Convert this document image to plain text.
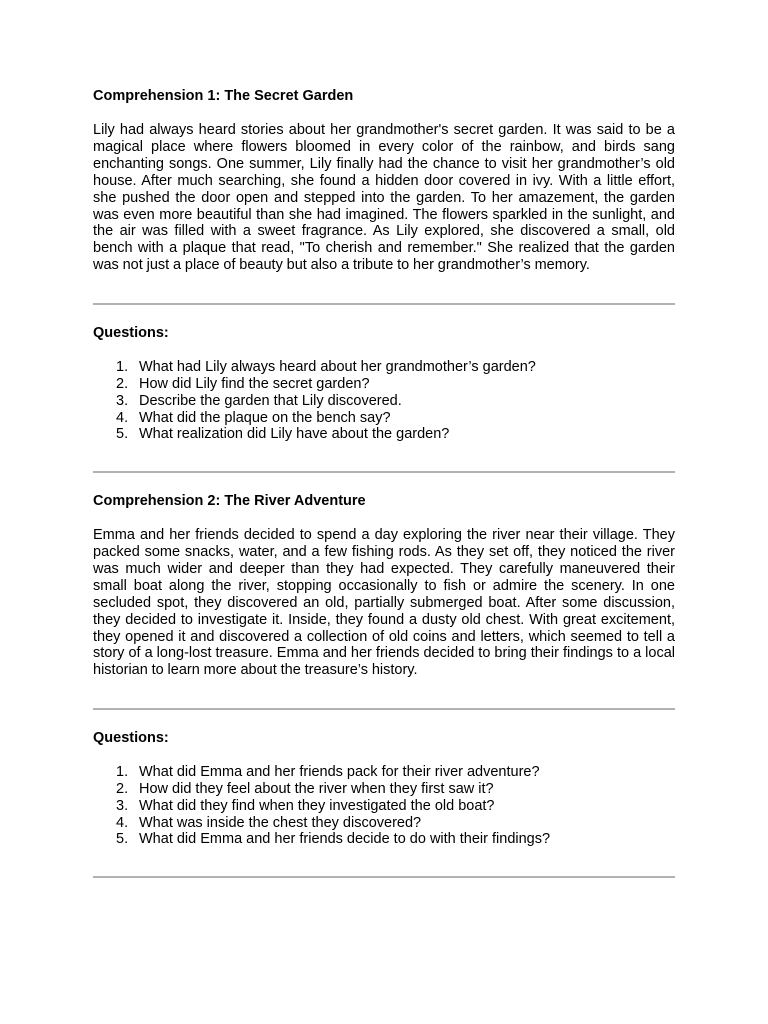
Comprehension 1: The Secret Garden

Lily had always heard stories about her grandmother's secret garden. It was said to be a magical place where flowers bloomed in every color of the rainbow, and birds sang enchanting songs. One summer, Lily finally had the chance to visit her grandmother’s old house. After much searching, she found a hidden door covered in ivy. With a little effort, she pushed the door open and stepped into the garden. To her amazement, the garden was even more beautiful than she had imagined. The flowers sparkled in the sunlight, and the air was filled with a sweet fragrance. As Lily explored, she discovered a small, old bench with a plaque that read, "To cherish and remember." She realized that the garden was not just a place of beauty but also a tribute to her grandmother’s memory.

Questions:

1. What had Lily always heard about her grandmother’s garden?
2. How did Lily find the secret garden?
3. Describe the garden that Lily discovered.
4. What did the plaque on the bench say?
5. What realization did Lily have about the garden?

Comprehension 2: The River Adventure

Emma and her friends decided to spend a day exploring the river near their village. They packed some snacks, water, and a few fishing rods. As they set off, they noticed the river was much wider and deeper than they had expected. They carefully maneuvered their small boat along the river, stopping occasionally to fish or admire the scenery. In one secluded spot, they discovered an old, partially submerged boat. After some discussion, they decided to investigate it. Inside, they found a dusty old chest. With great excitement, they opened it and discovered a collection of old coins and letters, which seemed to tell a story of a long-lost treasure. Emma and her friends decided to bring their findings to a local historian to learn more about the treasure’s history.

Questions:

1. What did Emma and her friends pack for their river adventure?
2. How did they feel about the river when they first saw it?
3. What did they find when they investigated the old boat?
4. What was inside the chest they discovered?
5. What did Emma and her friends decide to do with their findings?
